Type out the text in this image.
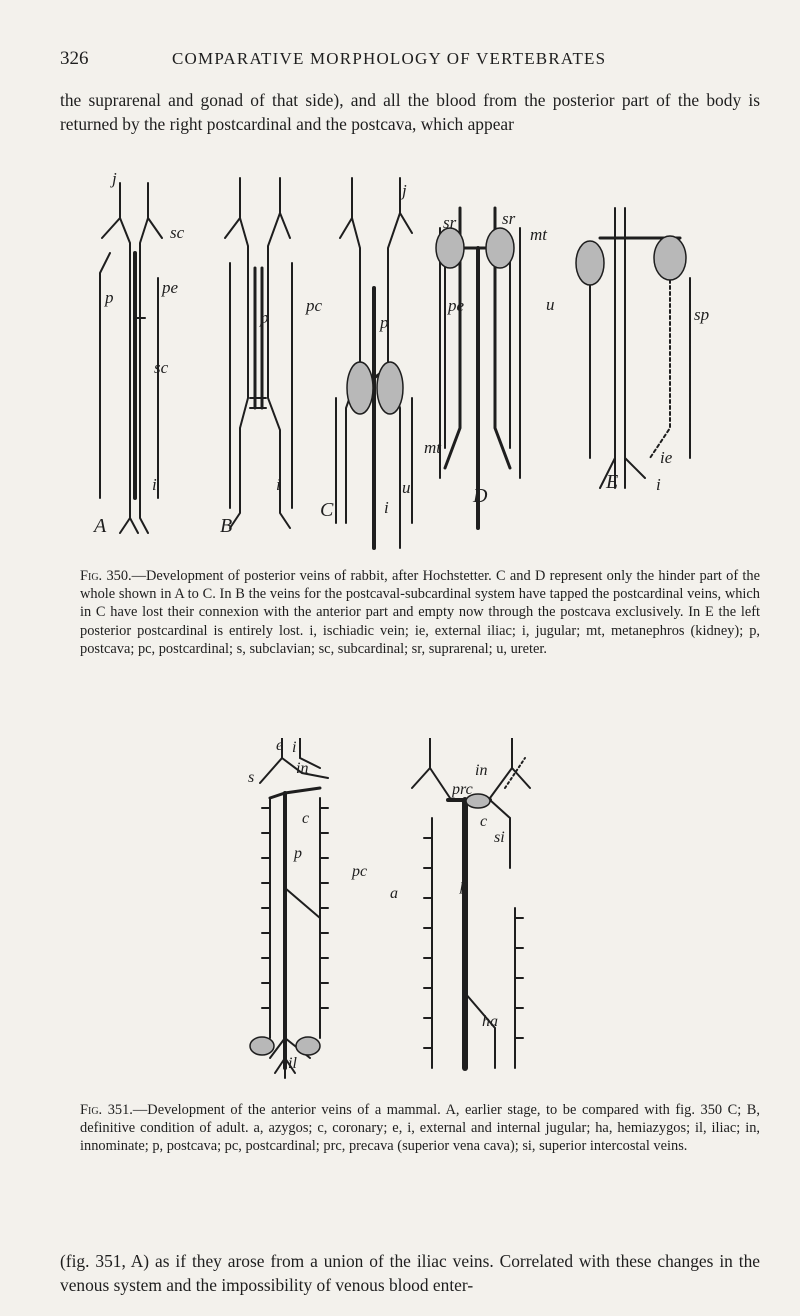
326	COMPARATIVE MORPHOLOGY OF VERTEBRATES

the suprarenal and gonad of that side), and all the blood from the posterior part of the body is returned by the right postcardinal and the postcava, which appear

j
sc
p
pe
sc
i
p
pc
p
pe
j
sr	sr
mt
u
sp
mt
u
i
ie
i
i
A	B
C
D
E

Fig. 350.—Development of posterior veins of rabbit, after Hochstetter. C and D represent only the hinder part of the whole shown in A to C. In B the veins for the postcaval-subcardinal system have tapped the postcardinal veins, which in C have lost their connexion with the anterior part and empty now through the postcava exclusively. In E the left posterior postcardinal is entirely lost. i, ischiadic vein; ie, external iliac; i, jugular; mt, metanephros (kidney); p, postcava; pc, postcardinal; s, subclavian; sc, subcardinal; sr, suprarenal; u, ureter.

e i
in
s
c
p
pc
a
il
in
prc
c
si
p
ha

Fig. 351.—Development of the anterior veins of a mammal. A, earlier stage, to be compared with fig. 350 C; B, definitive condition of adult. a, azygos; c, coronary; e, i, external and internal jugular; ha, hemiazygos; il, iliac; in, innominate; p, postcava; pc, postcardinal; prc, precava (superior vena cava); si, superior intercostal veins.

(fig. 351, A) as if they arose from a union of the iliac veins. Correlated with these changes in the venous system and the impossibility of venous blood enter-
